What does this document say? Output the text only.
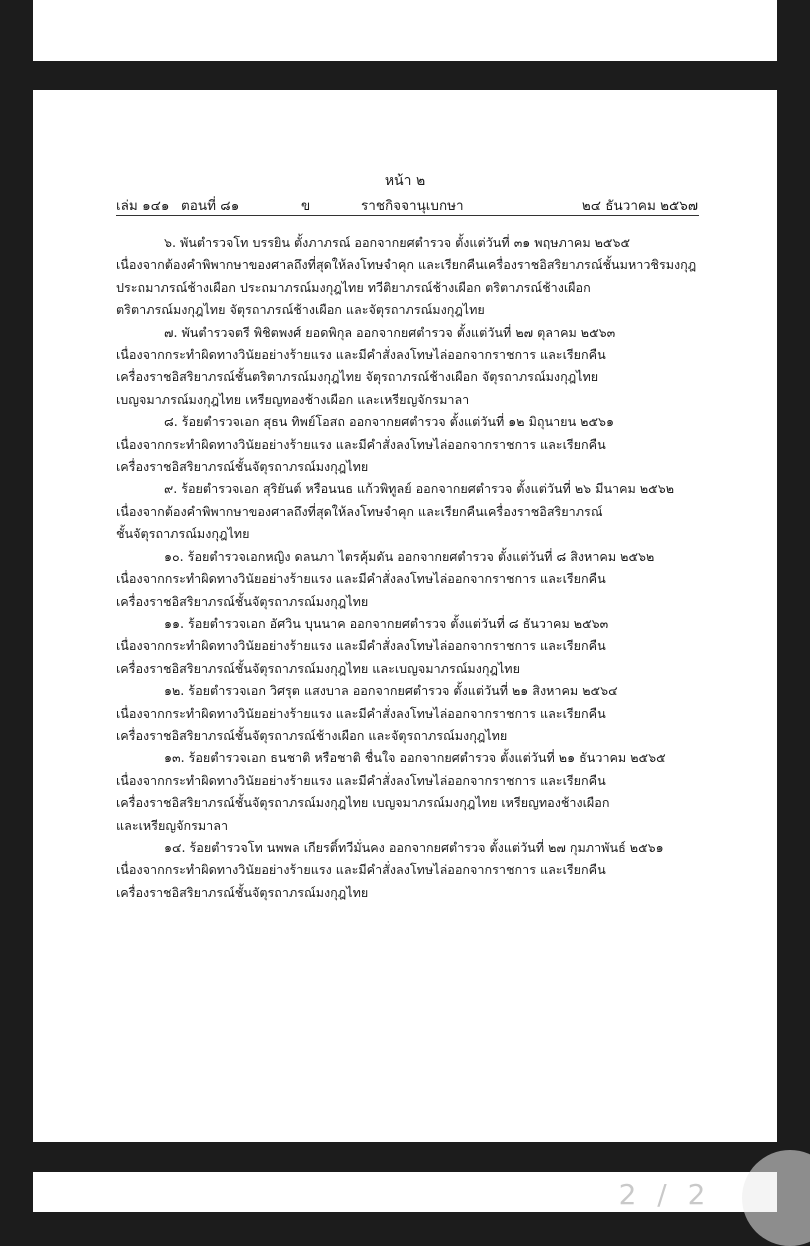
หน้า ๒
เล่ม ๑๔๑ ตอนที่ ๘๑	ข	ราชกิจจานุเบกษา	๒๔ ธันวาคม ๒๕๖๗
๖. พันตำรวจโท บรรยิน ตั้งภาภรณ์ ออกจากยศตำรวจ ตั้งแต่วันที่ ๓๑ พฤษภาคม ๒๕๖๕
เนื่องจากต้องคำพิพากษาของศาลถึงที่สุดให้ลงโทษจำคุก และเรียกคืนเครื่องราชอิสริยาภรณ์ชั้นมหาวชิรมงกุฎ
ประถมาภรณ์ช้างเผือก ประถมาภรณ์มงกุฎไทย ทวีติยาภรณ์ช้างเผือก ตริตาภรณ์ช้างเผือก
ตริตาภรณ์มงกุฎไทย จัตุรถาภรณ์ช้างเผือก และจัตุรถาภรณ์มงกุฎไทย
๗. พันตำรวจตรี พิชิตพงศ์ ยอดพิกุล ออกจากยศตำรวจ ตั้งแต่วันที่ ๒๗ ตุลาคม ๒๕๖๓
เนื่องจากกระทำผิดทางวินัยอย่างร้ายแรง และมีคำสั่งลงโทษไล่ออกจากราชการ และเรียกคืน
เครื่องราชอิสริยาภรณ์ชั้นตริตาภรณ์มงกุฎไทย จัตุรถาภรณ์ช้างเผือก จัตุรถาภรณ์มงกุฎไทย
เบญจมาภรณ์มงกุฎไทย เหรียญทองช้างเผือก และเหรียญจักรมาลา
๘. ร้อยตำรวจเอก สุธน ทิพย์โอสถ ออกจากยศตำรวจ ตั้งแต่วันที่ ๑๒ มิถุนายน ๒๕๖๑
เนื่องจากกระทำผิดทางวินัยอย่างร้ายแรง และมีคำสั่งลงโทษไล่ออกจากราชการ และเรียกคืน
เครื่องราชอิสริยาภรณ์ชั้นจัตุรถาภรณ์มงกุฎไทย
๙. ร้อยตำรวจเอก สุริยันต์ หรือนนธ แก้วพิทูลย์ ออกจากยศตำรวจ ตั้งแต่วันที่ ๒๖ มีนาคม ๒๕๖๒
เนื่องจากต้องคำพิพากษาของศาลถึงที่สุดให้ลงโทษจำคุก และเรียกคืนเครื่องราชอิสริยาภรณ์
ชั้นจัตุรถาภรณ์มงกุฎไทย
๑๐. ร้อยตำรวจเอกหญิง ดลนภา ไตรคุ้มดัน ออกจากยศตำรวจ ตั้งแต่วันที่ ๘ สิงหาคม ๒๕๖๒
เนื่องจากกระทำผิดทางวินัยอย่างร้ายแรง และมีคำสั่งลงโทษไล่ออกจากราชการ และเรียกคืน
เครื่องราชอิสริยาภรณ์ชั้นจัตุรถาภรณ์มงกุฎไทย
๑๑. ร้อยตำรวจเอก อัศวิน บุนนาค ออกจากยศตำรวจ ตั้งแต่วันที่ ๘ ธันวาคม ๒๕๖๓
เนื่องจากกระทำผิดทางวินัยอย่างร้ายแรง และมีคำสั่งลงโทษไล่ออกจากราชการ และเรียกคืน
เครื่องราชอิสริยาภรณ์ชั้นจัตุรถาภรณ์มงกุฎไทย และเบญจมาภรณ์มงกุฎไทย
๑๒. ร้อยตำรวจเอก วิศรุต แสงบาล ออกจากยศตำรวจ ตั้งแต่วันที่ ๒๑ สิงหาคม ๒๕๖๔
เนื่องจากกระทำผิดทางวินัยอย่างร้ายแรง และมีคำสั่งลงโทษไล่ออกจากราชการ และเรียกคืน
เครื่องราชอิสริยาภรณ์ชั้นจัตุรถาภรณ์ช้างเผือก และจัตุรถาภรณ์มงกุฎไทย
๑๓. ร้อยตำรวจเอก ธนชาติ หรือชาติ ชื่นใจ ออกจากยศตำรวจ ตั้งแต่วันที่ ๒๑ ธันวาคม ๒๕๖๕
เนื่องจากกระทำผิดทางวินัยอย่างร้ายแรง และมีคำสั่งลงโทษไล่ออกจากราชการ และเรียกคืน
เครื่องราชอิสริยาภรณ์ชั้นจัตุรถาภรณ์มงกุฎไทย เบญจมาภรณ์มงกุฎไทย เหรียญทองช้างเผือก
และเหรียญจักรมาลา
๑๔. ร้อยตำรวจโท นพพล เกียรติ์ทวีมั่นคง ออกจากยศตำรวจ ตั้งแต่วันที่ ๒๗ กุมภาพันธ์ ๒๕๖๑
เนื่องจากกระทำผิดทางวินัยอย่างร้ายแรง และมีคำสั่งลงโทษไล่ออกจากราชการ และเรียกคืน
เครื่องราชอิสริยาภรณ์ชั้นจัตุรถาภรณ์มงกุฎไทย
2 / 2
